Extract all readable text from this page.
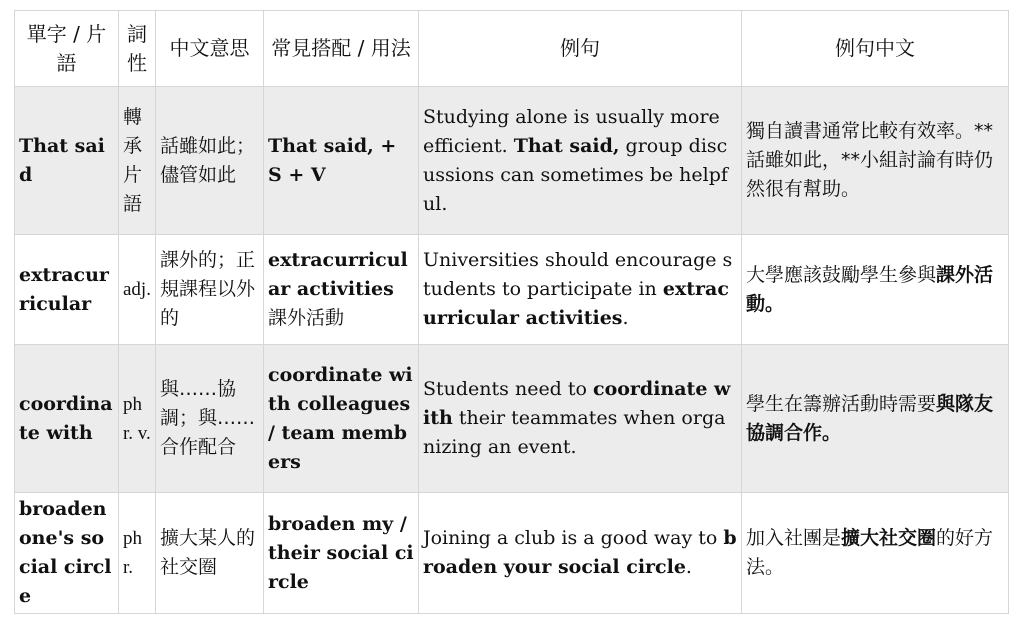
單字 / 片語	詞性	中文意思	常見搭配 / 用法	例句	例句中文
That said	轉承片語	話雖如此；儘管如此	That said, + S + V	Studying alone is usually more efficient. That said, group discussions can sometimes be helpful.	獨自讀書通常比較有效率。**話雖如此，**小組討論有時仍然很有幫助。
extracurricular	adj.	課外的；正規課程以外的	extracurricular activities 課外活動	Universities should encourage students to participate in extracurricular activities.	大學應該鼓勵學生參與課外活動。
coordinate with	phr. v.	與……協調；與……合作配合	coordinate with colleagues / team members	Students need to coordinate with their teammates when organizing an event.	學生在籌辦活動時需要與隊友協調合作。
broaden one's social circle	phr.	擴大某人的社交圈	broaden my / their social circle	Joining a club is a good way to broaden your social circle.	加入社團是擴大社交圈的好方法。
